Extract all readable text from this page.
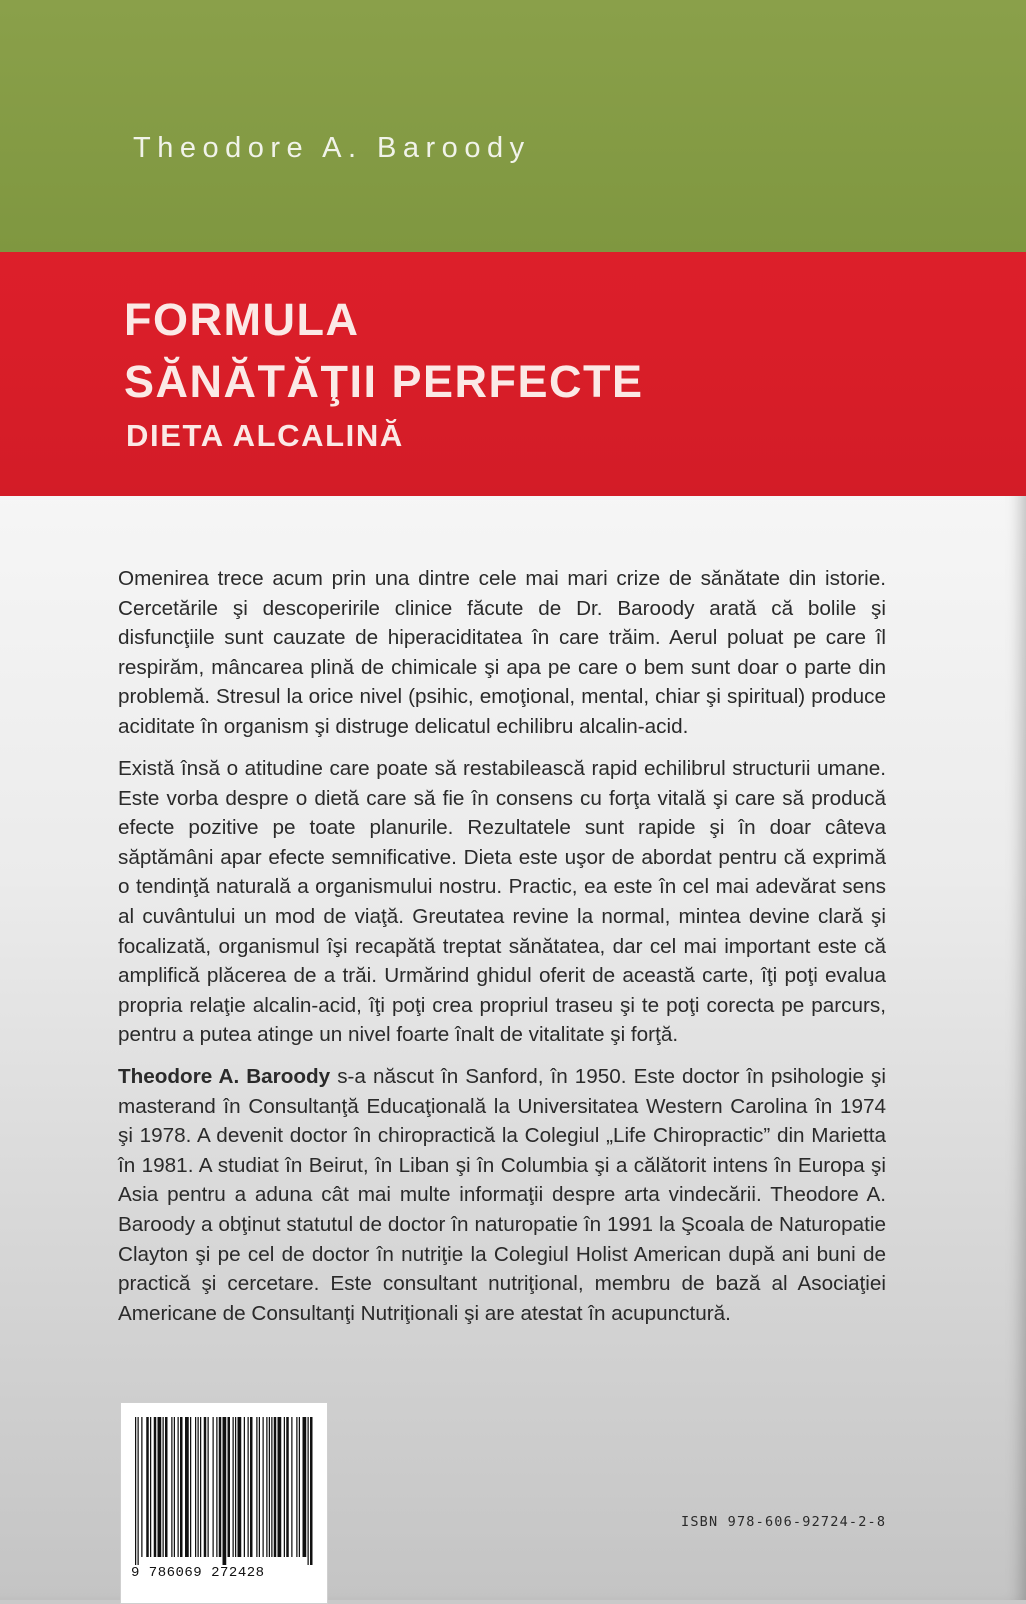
Theodore A. Baroody
FORMULA
SĂNĂTĂŢII PERFECTE
DIETA ALCALINĂ

Omenirea trece acum prin una dintre cele mai mari crize de sănătate din istorie. Cercetările şi descoperirile clinice făcute de Dr. Baroody arată că bolile şi disfuncţiile sunt cauzate de hiperaciditatea în care trăim. Aerul poluat pe care îl respirăm, mâncarea plină de chimicale şi apa pe care o bem sunt doar o parte din problemă. Stresul la orice nivel (psihic, emoţional, mental, chiar şi spiritual) produce aciditate în organism şi distruge delicatul echilibru alcalin-acid.

Există însă o atitudine care poate să restabilească rapid echilibrul structurii umane. Este vorba despre o dietă care să fie în consens cu forţa vitală şi care să producă efecte pozitive pe toate planurile. Rezultatele sunt rapide şi în doar câteva săptămâni apar efecte semnificative. Dieta este uşor de abordat pentru că exprimă o tendinţă naturală a organismului nostru. Practic, ea este în cel mai adevărat sens al cuvântului un mod de viaţă. Greutatea revine la normal, mintea devine clară şi focalizată, organismul îşi recapătă treptat sănătatea, dar cel mai important este că amplifică plăcerea de a trăi. Urmărind ghidul oferit de această carte, îţi poţi evalua propria relaţie alcalin-acid, îţi poţi crea propriul traseu şi te poţi corecta pe parcurs, pentru a putea atinge un nivel foarte înalt de vitalitate şi forţă.

Theodore A. Baroody s-a născut în Sanford, în 1950. Este doctor în psihologie şi masterand în Consultanţă Educaţională la Universitatea Western Carolina în 1974 şi 1978. A devenit doctor în chiropractică la Colegiul „Life Chiropractic” din Marietta în 1981. A studiat în Beirut, în Liban şi în Columbia şi a călătorit intens în Europa şi Asia pentru a aduna cât mai multe informaţii despre arta vindecării. Theodore A. Baroody a obţinut statutul de doctor în naturopatie în 1991 la Şcoala de Naturopatie Clayton şi pe cel de doctor în nutriţie la Colegiul Holist American după ani buni de practică şi cercetare. Este consultant nutriţional, membru de bază al Asociaţiei Americane de Consultanţi Nutriţionali şi are atestat în acupunctură.

9 786069 272428
ISBN 978-606-92724-2-8
